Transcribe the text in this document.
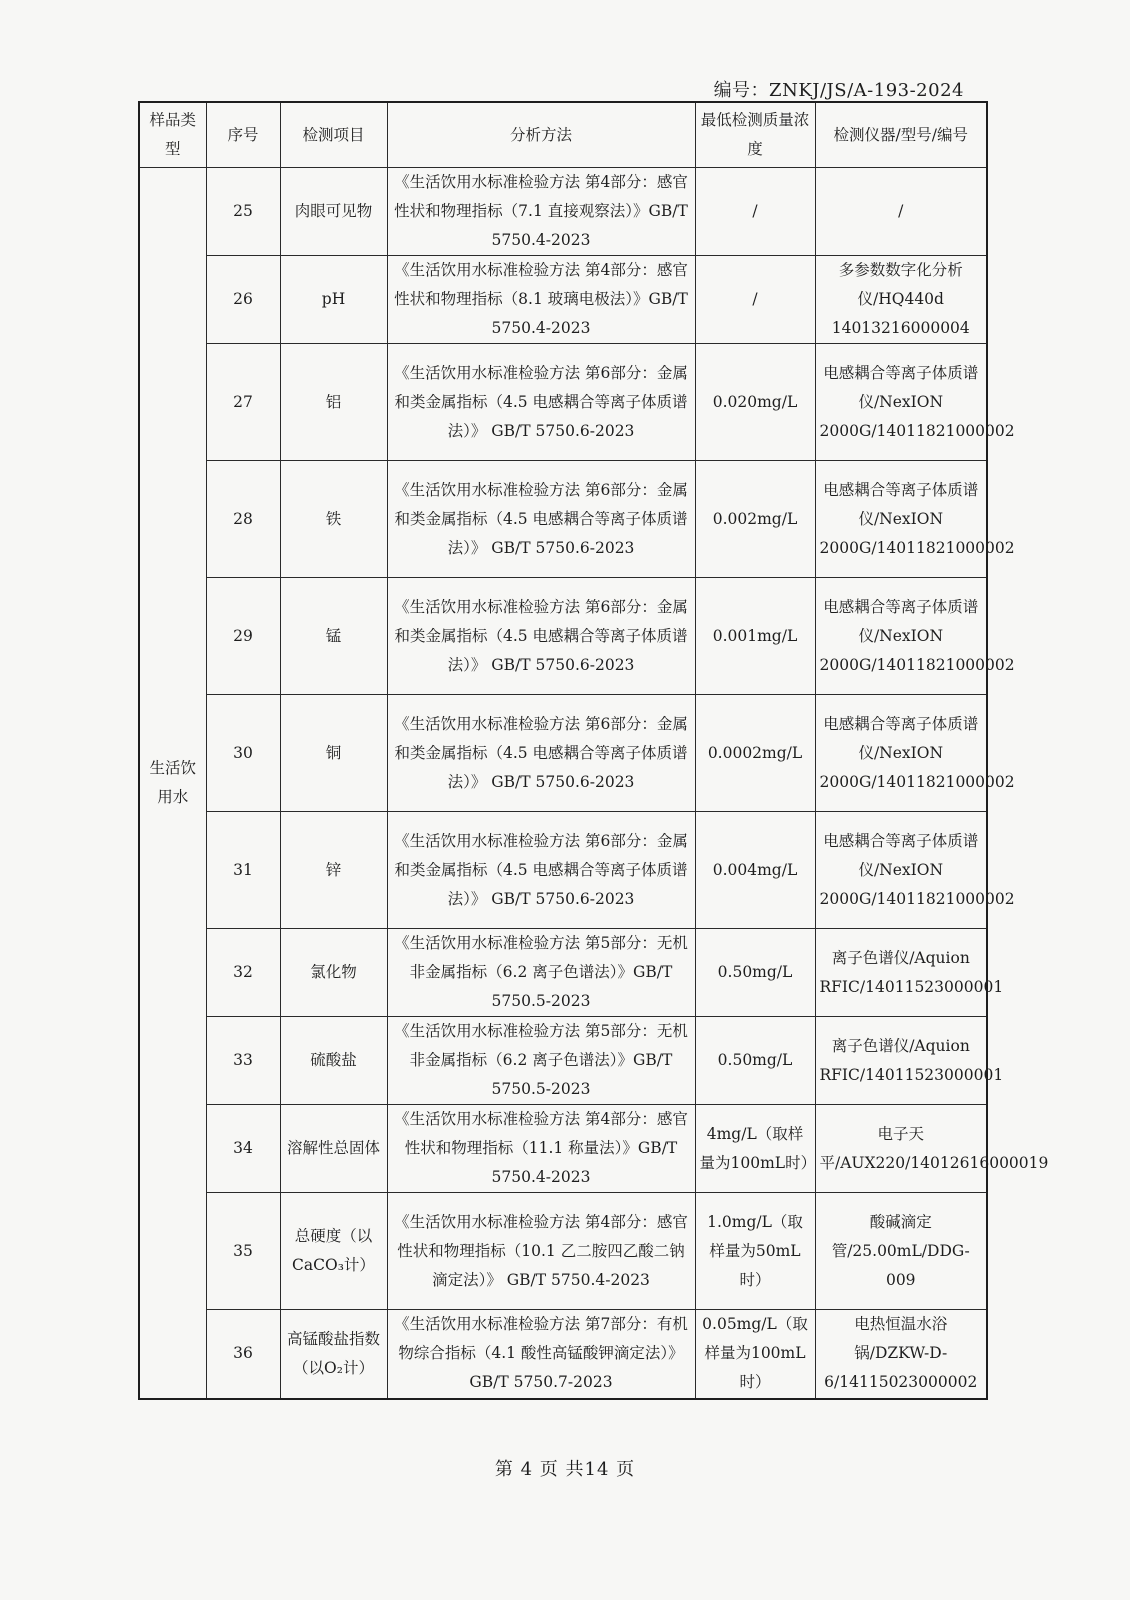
编号：ZNKJ/JS/A-193-2024
样品类型	序号	检测项目	分析方法	最低检测质量浓度	检测仪器/型号/编号
生活饮用水	25	肉眼可见物	《生活饮用水标准检验方法 第4部分：感官性状和物理指标（7.1 直接观察法）》GB/T 5750.4-2023	/	/
	26	pH	《生活饮用水标准检验方法 第4部分：感官性状和物理指标（8.1 玻璃电极法）》GB/T 5750.4-2023	/	多参数数字化分析仪/HQ440d 14013216000004
	27	铝	《生活饮用水标准检验方法 第6部分：金属和类金属指标（4.5 电感耦合等离子体质谱法）》 GB/T 5750.6-2023	0.020mg/L	电感耦合等离子体质谱仪/NexION 2000G/14011821000002
	28	铁	《生活饮用水标准检验方法 第6部分：金属和类金属指标（4.5 电感耦合等离子体质谱法）》 GB/T 5750.6-2023	0.002mg/L	电感耦合等离子体质谱仪/NexION 2000G/14011821000002
	29	锰	《生活饮用水标准检验方法 第6部分：金属和类金属指标（4.5 电感耦合等离子体质谱法）》 GB/T 5750.6-2023	0.001mg/L	电感耦合等离子体质谱仪/NexION 2000G/14011821000002
	30	铜	《生活饮用水标准检验方法 第6部分：金属和类金属指标（4.5 电感耦合等离子体质谱法）》 GB/T 5750.6-2023	0.0002mg/L	电感耦合等离子体质谱仪/NexION 2000G/14011821000002
	31	锌	《生活饮用水标准检验方法 第6部分：金属和类金属指标（4.5 电感耦合等离子体质谱法）》 GB/T 5750.6-2023	0.004mg/L	电感耦合等离子体质谱仪/NexION 2000G/14011821000002
	32	氯化物	《生活饮用水标准检验方法 第5部分：无机非金属指标（6.2 离子色谱法）》GB/T 5750.5-2023	0.50mg/L	离子色谱仪/Aquion RFIC/14011523000001
	33	硫酸盐	《生活饮用水标准检验方法 第5部分：无机非金属指标（6.2 离子色谱法）》GB/T 5750.5-2023	0.50mg/L	离子色谱仪/Aquion RFIC/14011523000001
	34	溶解性总固体	《生活饮用水标准检验方法 第4部分：感官性状和物理指标（11.1 称量法）》GB/T 5750.4-2023	4mg/L（取样量为100mL时）	电子天平/AUX220/14012616000019
	35	总硬度（以CaCO₃计）	《生活饮用水标准检验方法 第4部分：感官性状和物理指标（10.1 乙二胺四乙酸二钠滴定法）》 GB/T 5750.4-2023	1.0mg/L（取样量为50mL时）	酸碱滴定管/25.00mL/DDG-009
	36	高锰酸盐指数（以O₂计）	《生活饮用水标准检验方法 第7部分：有机物综合指标（4.1 酸性高锰酸钾滴定法）》GB/T 5750.7-2023	0.05mg/L（取样量为100mL时）	电热恒温水浴锅/DZKW-D-6/14115023000002
第 4 页 共14 页
